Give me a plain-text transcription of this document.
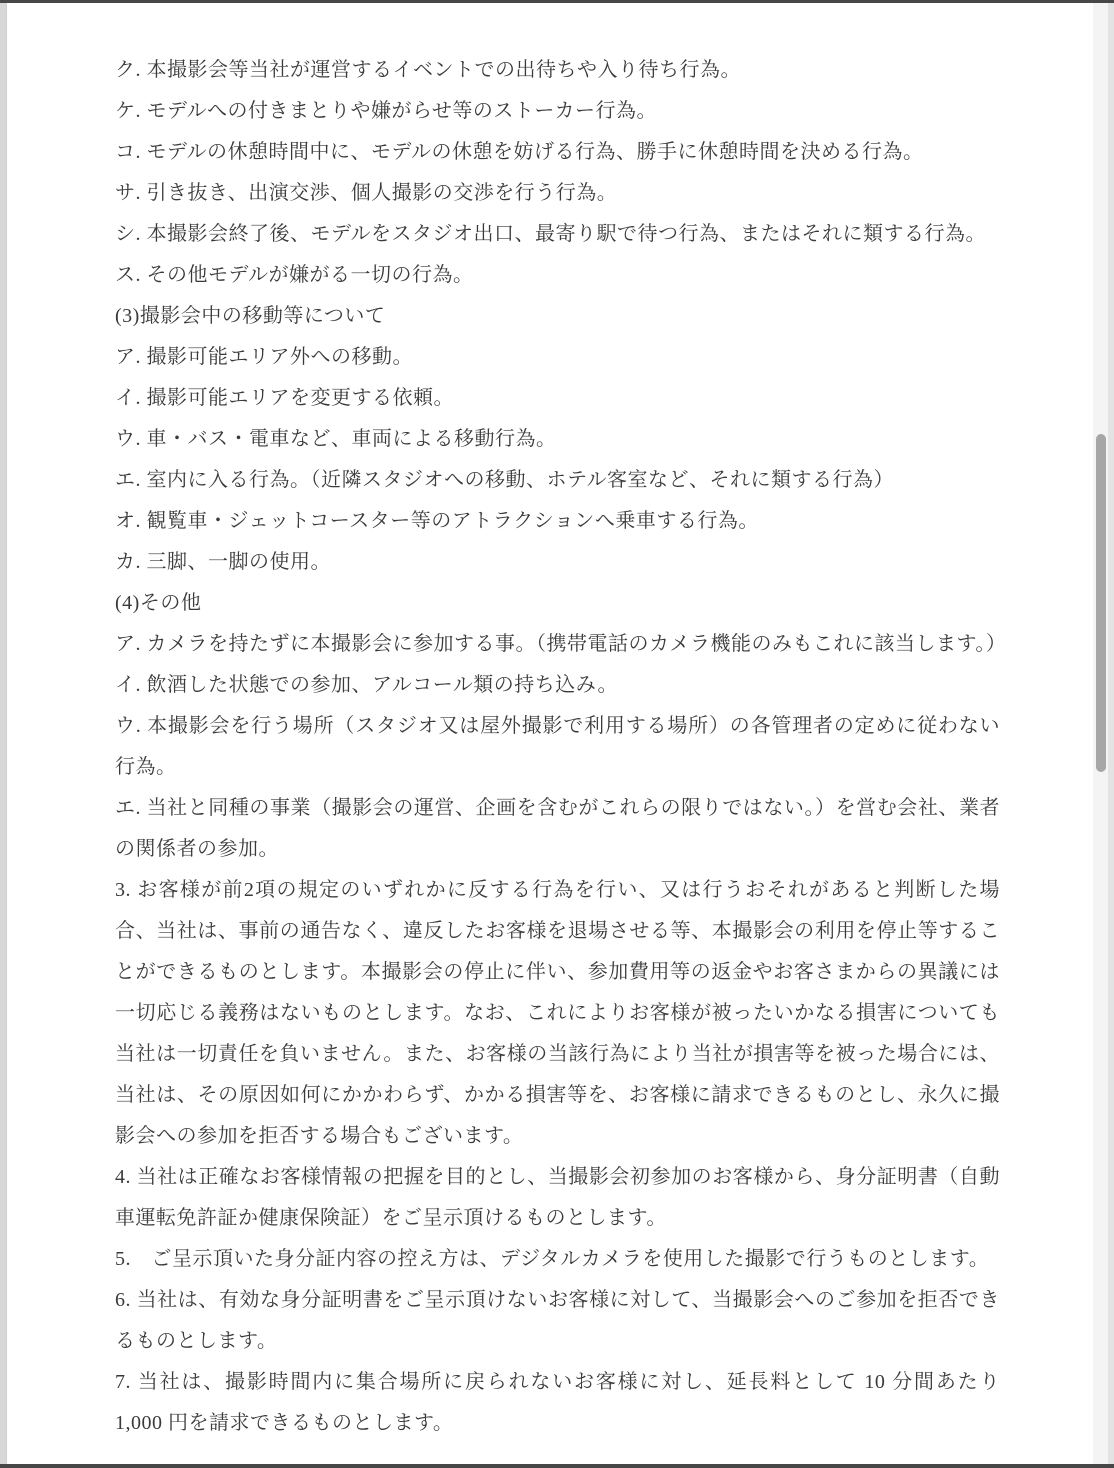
ク. 本撮影会等当社が運営するイベントでの出待ちや入り待ち行為。

ケ. モデルへの付きまとりや嫌がらせ等のストーカー行為。

コ. モデルの休憩時間中に、モデルの休憩を妨げる行為、勝手に休憩時間を決める行為。

サ. 引き抜き、出演交渉、個人撮影の交渉を行う行為。

シ. 本撮影会終了後、モデルをスタジオ出口、最寄り駅で待つ行為、またはそれに類する行為。

ス. その他モデルが嫌がる一切の行為。

(3)撮影会中の移動等について

ア. 撮影可能エリア外への移動。

イ. 撮影可能エリアを変更する依頼。

ウ. 車・バス・電車など、車両による移動行為。

エ. 室内に入る行為。（近隣スタジオへの移動、ホテル客室など、それに類する行為）

オ. 観覧車・ジェットコースター等のアトラクションへ乗車する行為。

カ. 三脚、一脚の使用。

(4)その他

ア. カメラを持たずに本撮影会に参加する事。（携帯電話のカメラ機能のみもこれに該当します。）

イ. 飲酒した状態での参加、アルコール類の持ち込み。

ウ. 本撮影会を行う場所（スタジオ又は屋外撮影で利用する場所）の各管理者の定めに従わない行為。

エ. 当社と同種の事業（撮影会の運営、企画を含むがこれらの限りではない。）を営む会社、業者の関係者の参加。

3. お客様が前2項の規定のいずれかに反する行為を行い、又は行うおそれがあると判断した場合、当社は、事前の通告なく、違反したお客様を退場させる等、本撮影会の利用を停止等することができるものとします。本撮影会の停止に伴い、参加費用等の返金やお客さまからの異議には一切応じる義務はないものとします。なお、これによりお客様が被ったいかなる損害についても当社は一切責任を負いません。また、お客様の当該行為により当社が損害等を被った場合には、当社は、その原因如何にかかわらず、かかる損害等を、お客様に請求できるものとし、永久に撮影会への参加を拒否する場合もございます。

4. 当社は正確なお客様情報の把握を目的とし、当撮影会初参加のお客様から、身分証明書（自動車運転免許証か健康保険証）をご呈示頂けるものとします。

5.　ご呈示頂いた身分証内容の控え方は、デジタルカメラを使用した撮影で行うものとします。

6. 当社は、有効な身分証明書をご呈示頂けないお客様に対して、当撮影会へのご参加を拒否できるものとします。

7. 当社は、撮影時間内に集合場所に戻られないお客様に対し、延長料として 10 分間あたり 1,000 円を請求できるものとします。
